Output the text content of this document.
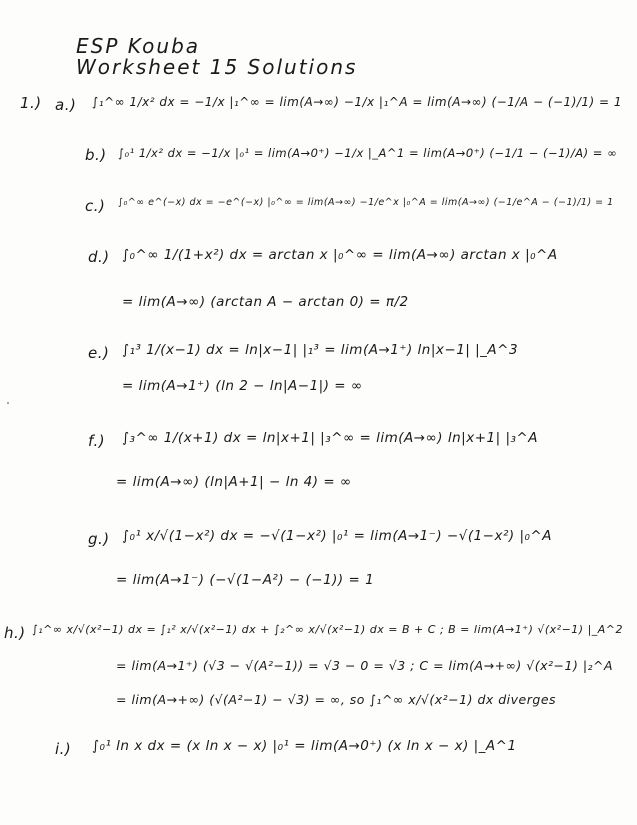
ESP Kouba
Worksheet 15 Solutions
1.) a.) ∫₁^∞ 1/x² dx = −1/x |₁^∞ = lim(A→∞) −1/x |₁^A = lim(A→∞) (−1/A − (−1)/1) = 1
b.) ∫₀¹ 1/x² dx = −1/x |₀¹ = lim(A→0⁺) −1/x |_A^1 = lim(A→0⁺) (−1/1 − (−1)/A) = ∞
c.) ∫₀^∞ e^(−x) dx = −e^(−x) |₀^∞ = lim(A→∞) −1/e^x |₀^A = lim(A→∞) (−1/e^A − (−1)/1) = 1
d.) ∫₀^∞ 1/(1+x²) dx = arctan x |₀^∞ = lim(A→∞) arctan x |₀^A
= lim(A→∞) (arctan A − arctan 0) = π/2
e.) ∫₁³ 1/(x−1) dx = ln|x−1| |₁³ = lim(A→1⁺) ln|x−1| |_A^3
= lim(A→1⁺) (ln 2 − ln|A−1|) = ∞
f.) ∫₃^∞ 1/(x+1) dx = ln|x+1| |₃^∞ = lim(A→∞) ln|x+1| |₃^A
= lim(A→∞) (ln|A+1| − ln 4) = ∞
g.) ∫₀¹ x/√(1−x²) dx = −√(1−x²) |₀¹ = lim(A→1⁻) −√(1−x²) |₀^A
= lim(A→1⁻) (−√(1−A²) − (−1)) = 1
h.) ∫₁^∞ x/√(x²−1) dx = ∫₁² x/√(x²−1) dx + ∫₂^∞ x/√(x²−1) dx = B + C ; B = lim(A→1⁺) √(x²−1) |_A^2
= lim(A→1⁺) (√3 − √(A²−1)) = √3 − 0 = √3 ; C = lim(A→+∞) √(x²−1) |₂^A
= lim(A→+∞) (√(A²−1) − √3) = ∞, so ∫₁^∞ x/√(x²−1) dx diverges
i.) ∫₀¹ ln x dx = (x ln x − x) |₀¹ = lim(A→0⁺) (x ln x − x) |_A^1
